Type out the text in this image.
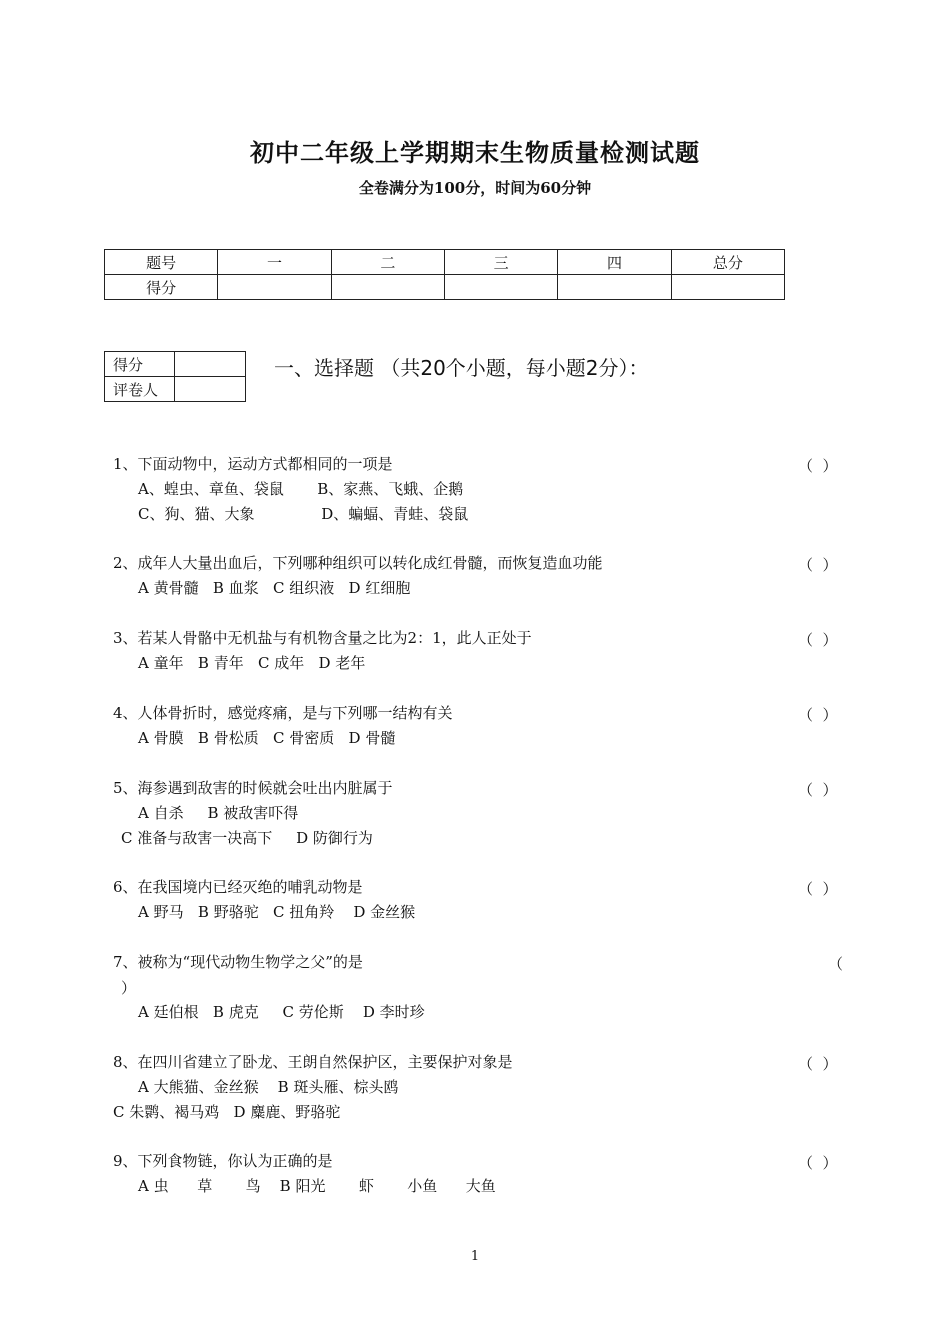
初中二年级上学期期末生物质量检测试题
全卷满分为100分，时间为60分钟
题号	一	二	三	四	总分
得分					
得分	
评卷人	
一、选择题 （共20个小题，每小题2分）：
1、下面动物中，运动方式都相同的一项是	（  ）
A、蝗虫、章鱼、袋鼠       B、家燕、飞蛾、企鹅
C、狗、猫、大象              D、蝙蝠、青蛙、袋鼠
2、成年人大量出血后，下列哪种组织可以转化成红骨髓，而恢复造血功能	（  ）
A 黄骨髓   B 血浆   C 组织液   D 红细胞
3、若某人骨骼中无机盐与有机物含量之比为2：1，此人正处于	（  ）
A 童年   B 青年   C 成年   D 老年
4、人体骨折时，感觉疼痛，是与下列哪一结构有关	（  ）
A 骨膜   B 骨松质   C 骨密质   D 骨髓
5、海参遇到敌害的时候就会吐出内脏属于	（  ）
A 自杀     B 被敌害吓得
C 准备与敌害一决高下     D 防御行为
6、在我国境内已经灭绝的哺乳动物是	（  ）
A 野马   B 野骆驼   C 扭角羚    D 金丝猴
7、被称为“现代动物生物学之父”的是	（
）
A 廷伯根   B 虎克     C 劳伦斯    D 李时珍
8、在四川省建立了卧龙、王朗自然保护区，主要保护对象是	（  ）
A 大熊猫、金丝猴    B 斑头雁、棕头鸥
C 朱鹮、褐马鸡   D 麋鹿、野骆驼
9、下列食物链，你认为正确的是	（  ）
A 虫      草       鸟    B 阳光       虾       小鱼      大鱼
1
